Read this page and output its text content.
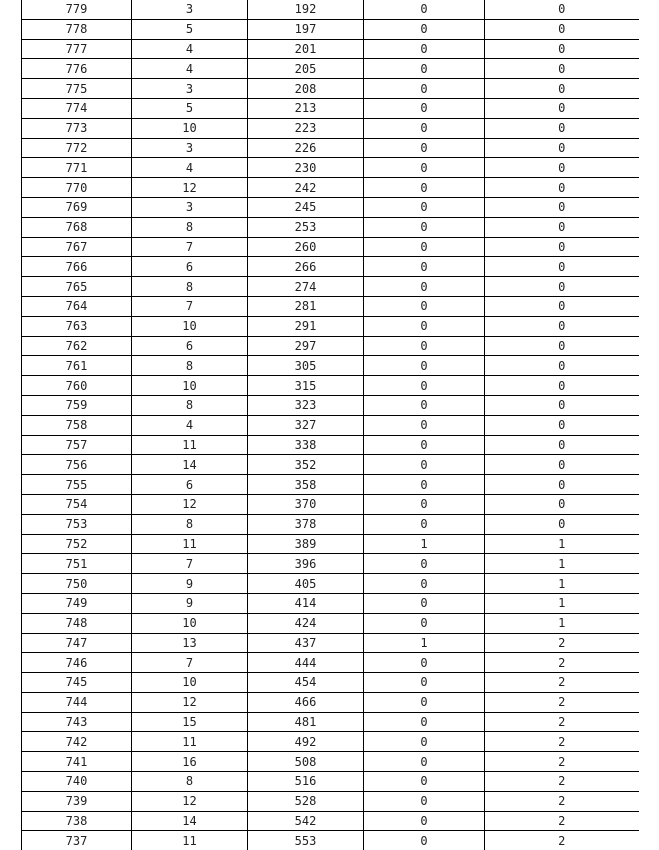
779	3	192	0	0
778	5	197	0	0
777	4	201	0	0
776	4	205	0	0
775	3	208	0	0
774	5	213	0	0
773	10	223	0	0
772	3	226	0	0
771	4	230	0	0
770	12	242	0	0
769	3	245	0	0
768	8	253	0	0
767	7	260	0	0
766	6	266	0	0
765	8	274	0	0
764	7	281	0	0
763	10	291	0	0
762	6	297	0	0
761	8	305	0	0
760	10	315	0	0
759	8	323	0	0
758	4	327	0	0
757	11	338	0	0
756	14	352	0	0
755	6	358	0	0
754	12	370	0	0
753	8	378	0	0
752	11	389	1	1
751	7	396	0	1
750	9	405	0	1
749	9	414	0	1
748	10	424	0	1
747	13	437	1	2
746	7	444	0	2
745	10	454	0	2
744	12	466	0	2
743	15	481	0	2
742	11	492	0	2
741	16	508	0	2
740	8	516	0	2
739	12	528	0	2
738	14	542	0	2
737	11	553	0	2
